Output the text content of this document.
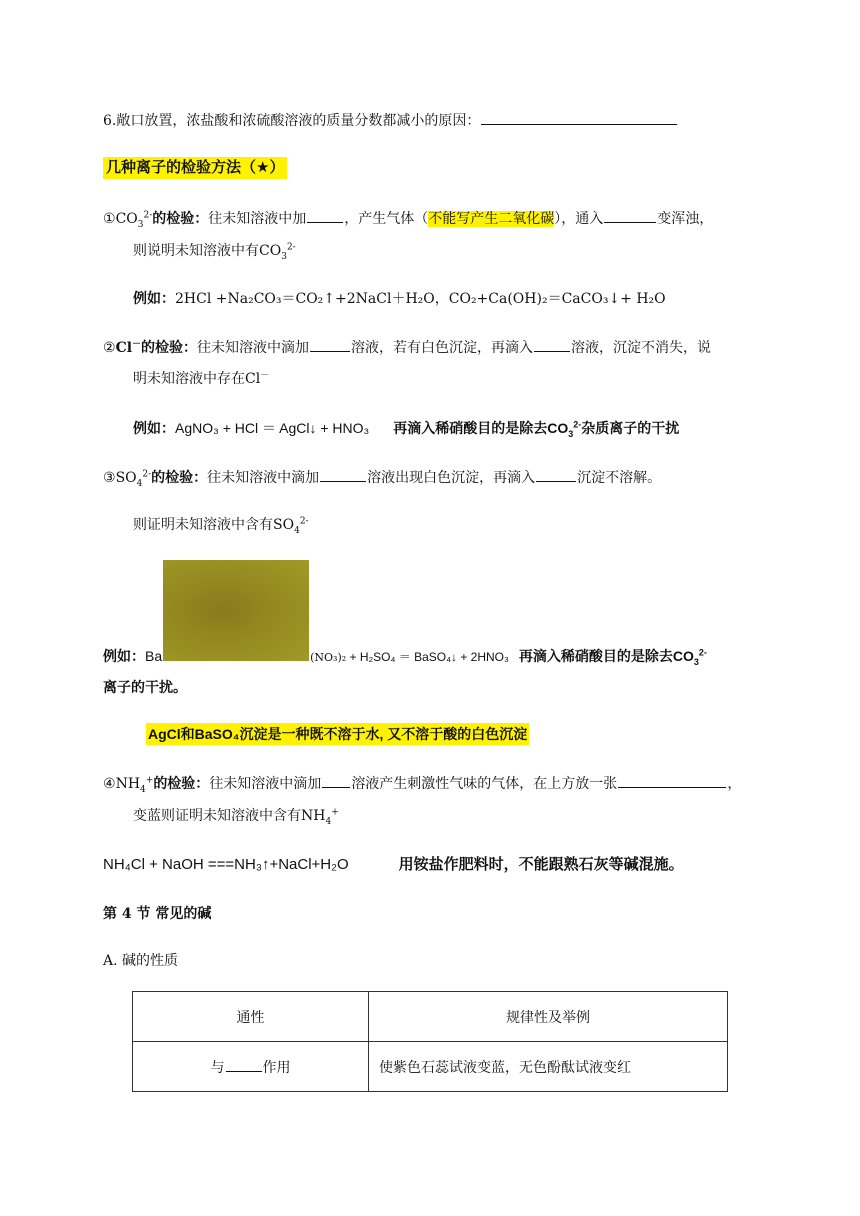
6.敞口放置，浓盐酸和浓硫酸溶液的质量分数都减小的原因：
几种离子的检验方法（★）
$①CO_3^{2-}$的检验：往未知溶液中加	，产生气体（不能写产生二氧化碳），通入	变浑浊，
则说明未知溶液中有$CO_3^{2-}$
例如：2HCl +Na₂CO₃＝CO₂↑+2NaCl＋H₂O，CO₂+Ca(OH)₂＝CaCO₃↓+ H₂O
②Cl－的检验：往未知溶液中滴加	溶液，若有白色沉淀，再滴入	溶液，沉淀不消失，说
明未知溶液中存在Cl－
例如：AgNO₃ + HCl ＝ AgCl↓ + HNO₃ 再滴入稀硝酸目的是除去$CO_3^{2-}$杂质离子的干扰
$③SO_4^{2-}$的检验：往未知溶液中滴加	溶液出现白色沉淀，再滴入	沉淀不溶解。
则证明未知溶液中含有$SO_4^{2-}$
例如：Ba	(NO₃)₂ + H₂SO₄ ＝ BaSO₄↓ + 2HNO₃ 再滴入稀硝酸目的是除去$CO_3^{2-}$
离子的干扰。
AgCl和BaSO₄沉淀是一种既不溶于水, 又不溶于酸的白色沉淀
$④NH_4^+$的检验：往未知溶液中滴加 溶液产生刺激性气味的气体，在上方放一张	，
变蓝则证明未知溶液中含有$NH_4^+$
NH₄Cl + NaOH ===NH₃↑+NaCl+H₂O	用铵盐作肥料时，不能跟熟石灰等碱混施。
第 4 节 常见的碱
A. 碱的性质
通性	规律性及举例
与 作用	使紫色石蕊试液变蓝，无色酚酞试液变红
